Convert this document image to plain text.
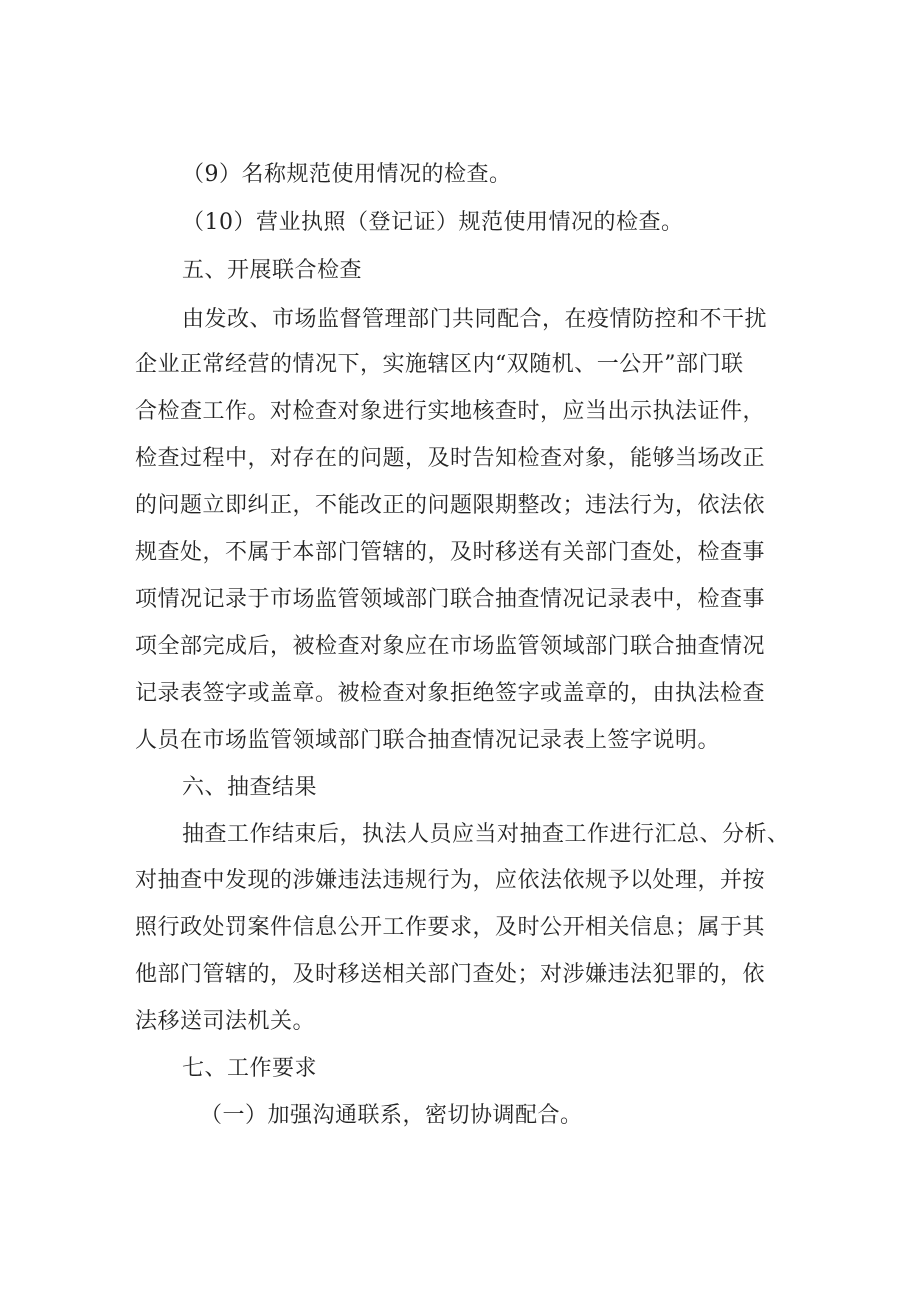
（9）名称规范使用情况的检查。
（10）营业执照（登记证）规范使用情况的检查。
五、开展联合检查
由发改、市场监督管理部门共同配合，在疫情防控和不干扰
企业正常经营的情况下，实施辖区内“双随机、一公开”部门联
合检查工作。对检查对象进行实地核查时，应当出示执法证件，
检查过程中，对存在的问题，及时告知检查对象，能够当场改正
的问题立即纠正，不能改正的问题限期整改；违法行为，依法依
规查处，不属于本部门管辖的，及时移送有关部门查处，检查事
项情况记录于市场监管领域部门联合抽查情况记录表中，检查事
项全部完成后，被检查对象应在市场监管领域部门联合抽查情况
记录表签字或盖章。被检查对象拒绝签字或盖章的，由执法检查
人员在市场监管领域部门联合抽查情况记录表上签字说明。
六、抽查结果
抽查工作结束后，执法人员应当对抽查工作进行汇总、分析、
对抽查中发现的涉嫌违法违规行为，应依法依规予以处理，并按
照行政处罚案件信息公开工作要求，及时公开相关信息；属于其
他部门管辖的，及时移送相关部门查处；对涉嫌违法犯罪的，依
法移送司法机关。
七、工作要求
（一）加强沟通联系，密切协调配合。
